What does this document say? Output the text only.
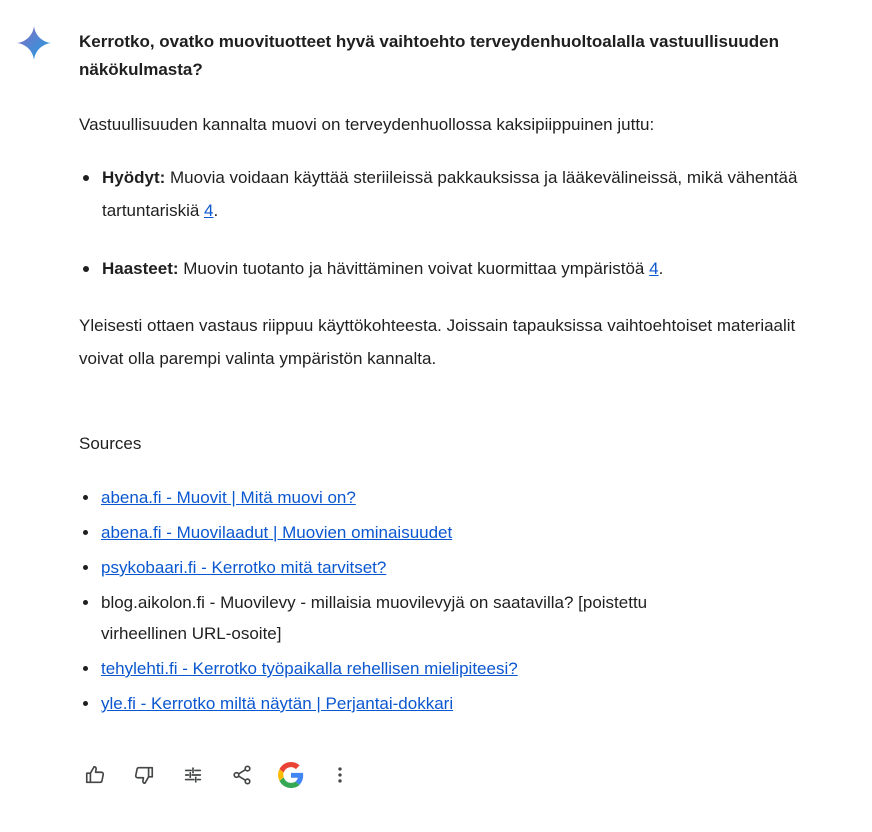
Kerrotko, ovatko muovituotteet hyvä vaihtoehto terveydenhuoltoalalla vastuullisuuden näkökulmasta?

Vastuullisuuden kannalta muovi on terveydenhuollossa kaksipiippuinen juttu:

Hyödyt: Muovia voidaan käyttää steriileissä pakkauksissa ja lääkevälineissä, mikä vähentää tartuntariskiä 4.
Haasteet: Muovin tuotanto ja hävittäminen voivat kuormittaa ympäristöä 4.

Yleisesti ottaen vastaus riippuu käyttökohteesta. Joissain tapauksissa vaihtoehtoiset materiaalit voivat olla parempi valinta ympäristön kannalta.

Sources

abena.fi - Muovit | Mitä muovi on?
abena.fi - Muovilaadut | Muovien ominaisuudet
psykobaari.fi - Kerrotko mitä tarvitset?
blog.aikolon.fi - Muovilevy - millaisia muovilevyjä on saatavilla? [poistettu virheellinen URL-osoite]
tehylehti.fi - Kerrotko työpaikalla rehellisen mielipiteesi?
yle.fi - Kerrotko miltä näytän | Perjantai-dokkari
